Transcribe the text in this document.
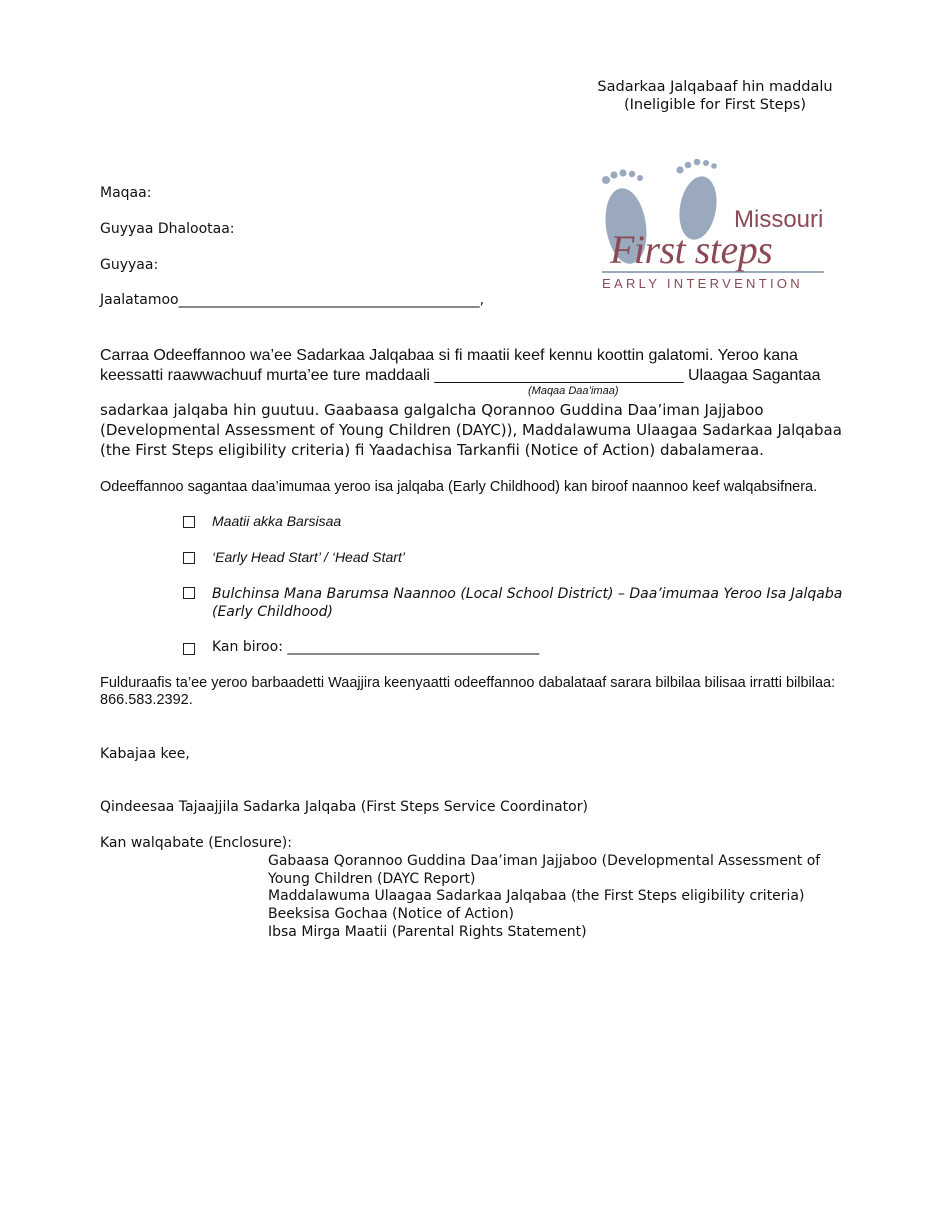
Sadarkaa Jalqabaaf hin maddalu
(Ineligible for First Steps)
Missouri
First steps
EARLY INTERVENTION
Maqaa:
Guyyaa Dhalootaa:
Guyyaa:
Jaalatamoo___________________________________________,
Carraa Odeeffannoo wa’ee Sadarkaa Jalqabaa si fi maatii keef kennu koottin galatomi. Yeroo kana
keessatti raawwachuuf murta’ee ture maddaali ____________________________ Ulaagaa Sagantaa
(Maqaa Daa’imaa)
sadarkaa jalqaba hin guutuu. Gaabaasa galgalcha Qorannoo Guddina Daa’iman Jajjaboo (Developmental Assessment of Young Children (DAYC)), Maddalawuma Ulaagaa Sadarkaa Jalqabaa (the First Steps eligibility criteria) fi Yaadachisa Tarkanfii (Notice of Action) dabalameraa.
Odeeffannoo sagantaa daa’imumaa yeroo isa jalqaba (Early Childhood) kan biroof naannoo keef walqabsifnera.
Maatii akka Barsisaa
‘Early Head Start’ / ‘Head Start’
Bulchinsa Mana Barumsa Naannoo (Local School District) – Daa’imumaa Yeroo Isa Jalqaba (Early Childhood)
Kan biroo: ____________________________________
Fulduraafis ta’ee yeroo barbaadetti Waajjira keenyaatti odeeffannoo dabalataaf sarara bilbilaa bilisaa irratti bilbilaa: 866.583.2392.
Kabajaa kee,
Qindeesaa Tajaajjila Sadarka Jalqaba (First Steps Service Coordinator)
Kan walqabate (Enclosure):
Gabaasa Qorannoo Guddina Daa’iman Jajjaboo (Developmental Assessment of Young Children (DAYC Report)
Maddalawuma Ulaagaa Sadarkaa Jalqabaa (the First Steps eligibility criteria)
Beeksisa Gochaa (Notice of Action)
Ibsa Mirga Maatii (Parental Rights Statement)
